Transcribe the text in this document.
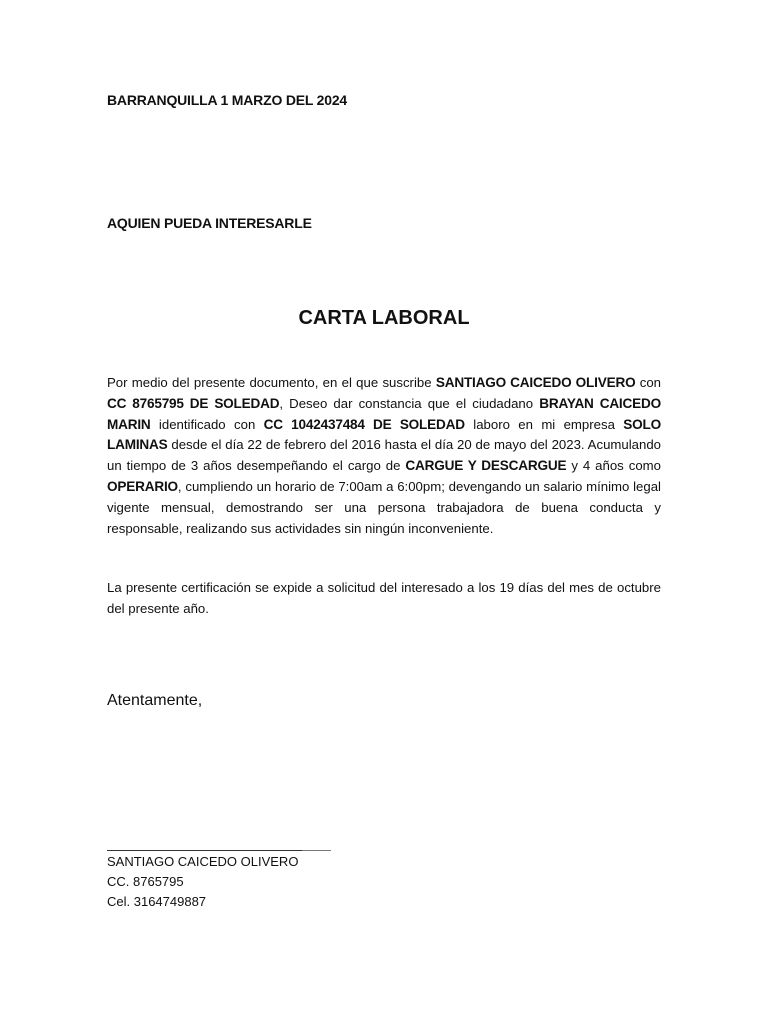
BARRANQUILLA 1 MARZO DEL 2024
AQUIEN PUEDA INTERESARLE
CARTA LABORAL

Por medio del presente documento, en el que suscribe SANTIAGO CAICEDO OLIVERO con CC 8765795 DE SOLEDAD, Deseo dar constancia que el ciudadano BRAYAN CAICEDO MARIN identificado con CC 1042437484 DE SOLEDAD laboro en mi empresa SOLO LAMINAS desde el día 22 de febrero del 2016 hasta el día 20 de mayo del 2023. Acumulando un tiempo de 3 años desempeñando el cargo de CARGUE Y DESCARGUE y 4 años como OPERARIO, cumpliendo un horario de 7:00am a 6:00pm; devengando un salario mínimo legal vigente mensual, demostrando ser una persona trabajadora de buena conducta y responsable, realizando sus actividades sin ningún inconveniente.

La presente certificación se expide a solicitud del interesado a los 19 días del mes de octubre del presente año.

Atentamente,
SANTIAGO CAICEDO OLIVERO
CC. 8765795
Cel. 3164749887
